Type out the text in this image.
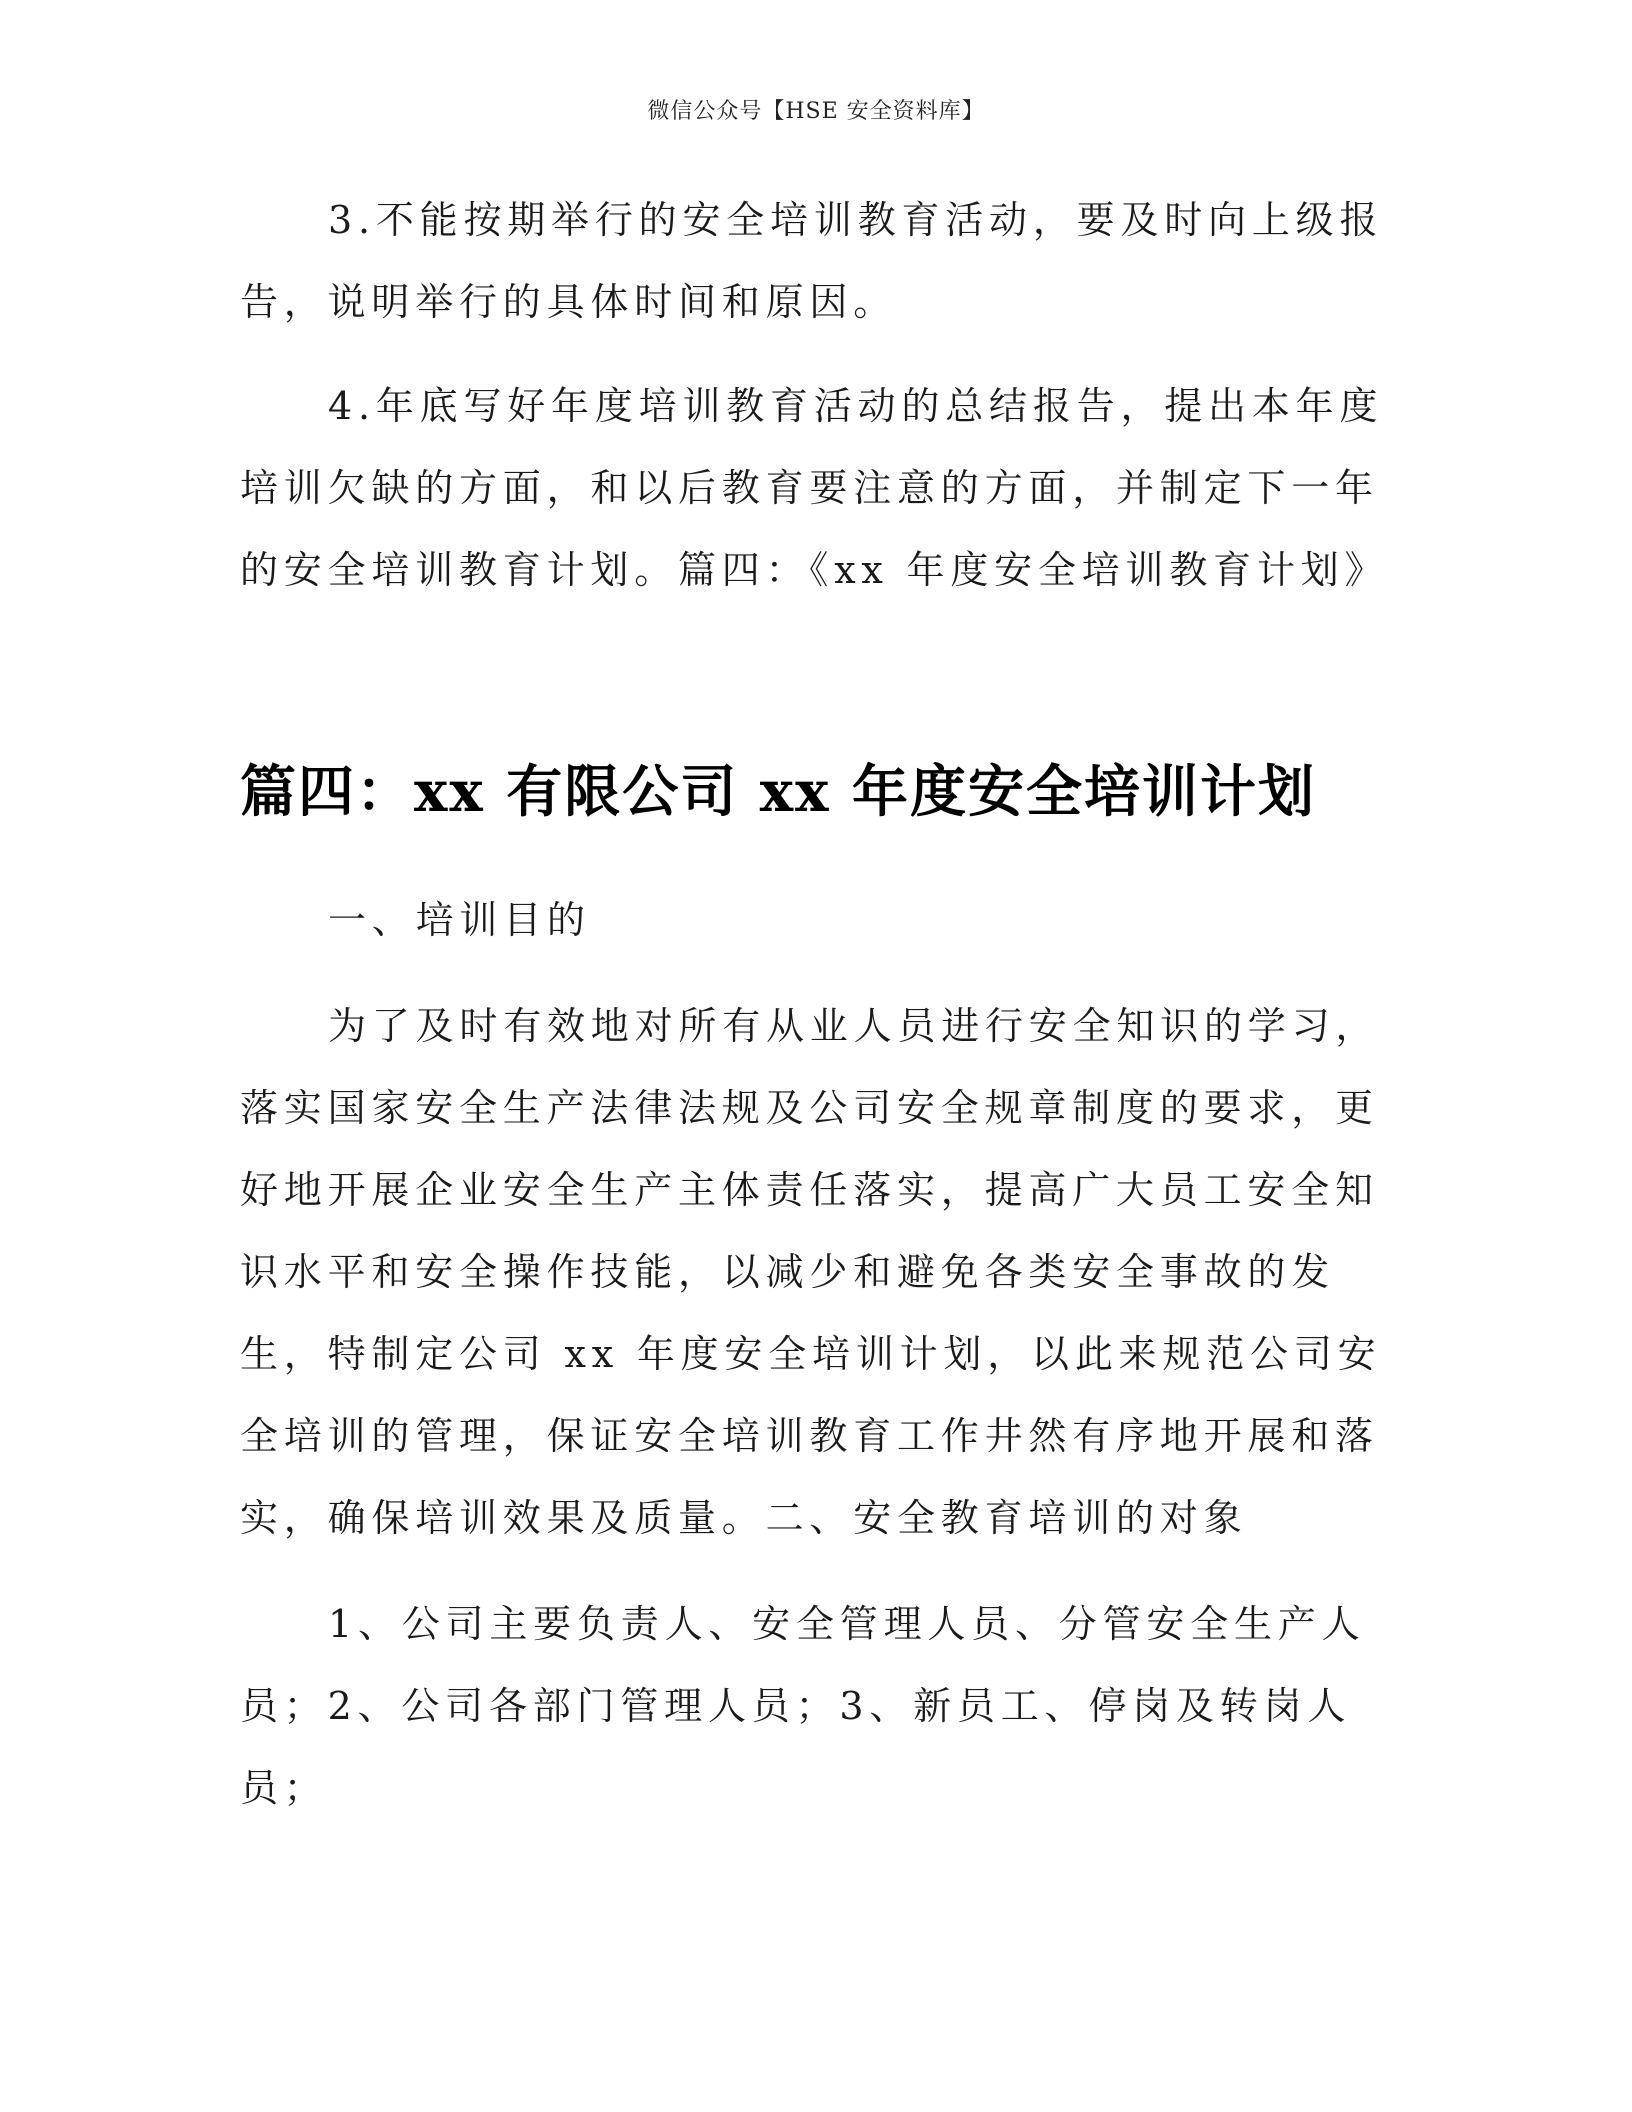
微信公众号【HSE 安全资料库】

3.不能按期举行的安全培训教育活动，要及时向上级报告，说明举行的具体时间和原因。

4.年底写好年度培训教育活动的总结报告，提出本年度培训欠缺的方面，和以后教育要注意的方面，并制定下一年的安全培训教育计划。篇四：《xx 年度安全培训教育计划》

篇四：xx 有限公司 xx 年度安全培训计划

一、培训目的

为了及时有效地对所有从业人员进行安全知识的学习，落实国家安全生产法律法规及公司安全规章制度的要求，更好地开展企业安全生产主体责任落实，提高广大员工安全知识水平和安全操作技能，以减少和避免各类安全事故的发生，特制定公司 xx 年度安全培训计划，以此来规范公司安全培训的管理，保证安全培训教育工作井然有序地开展和落实，确保培训效果及质量。二、安全教育培训的对象

1、公司主要负责人、安全管理人员、分管安全生产人员；2、公司各部门管理人员；3、新员工、停岗及转岗人员；
